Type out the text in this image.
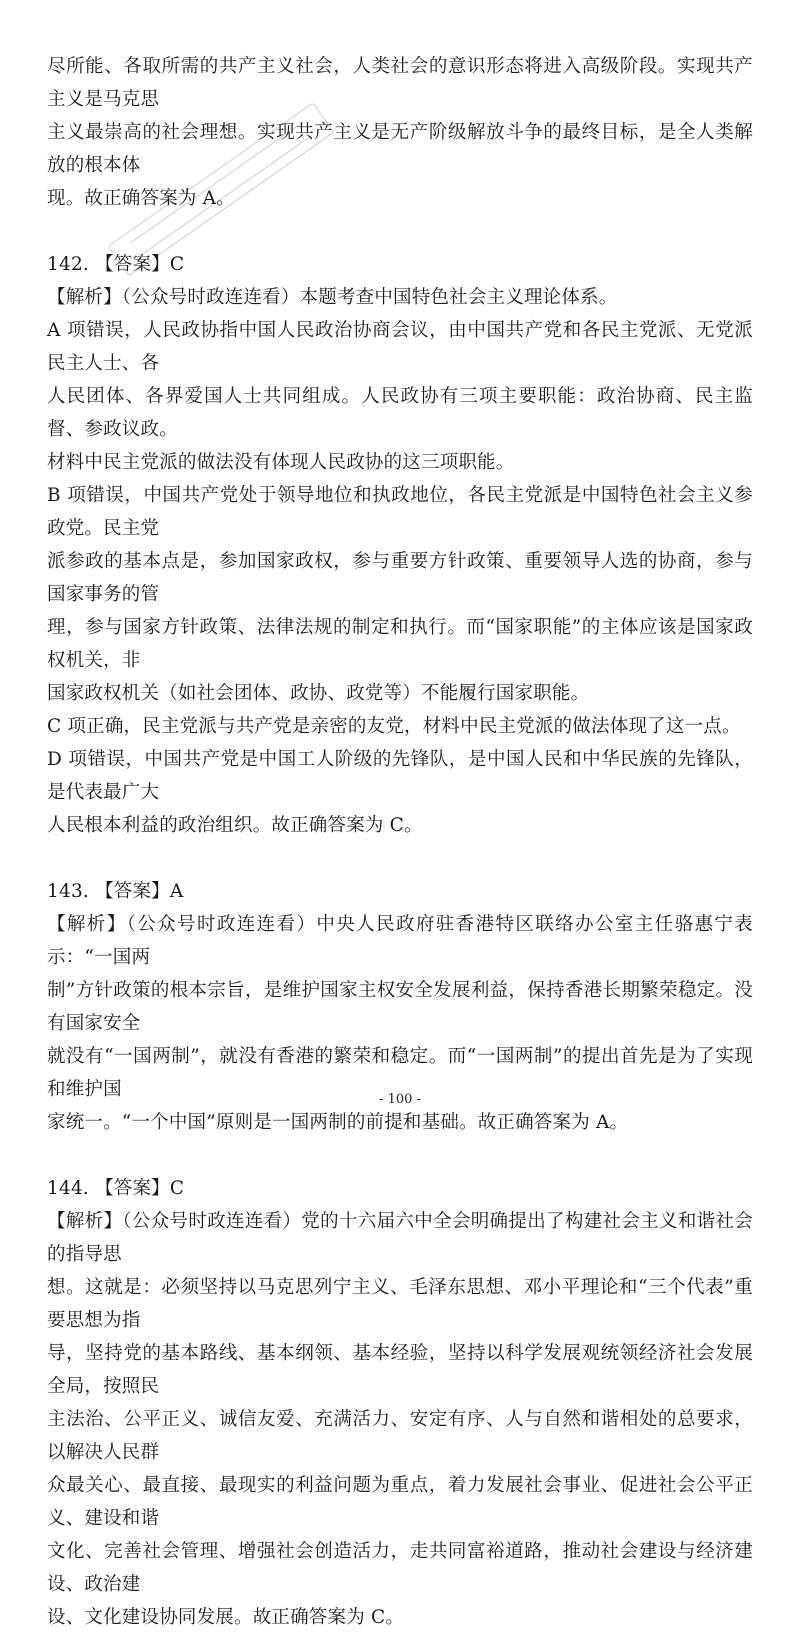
尽所能、各取所需的共产主义社会，人类社会的意识形态将进入高级阶段。实现共产主义是马克思

主义最崇高的社会理想。实现共产主义是无产阶级解放斗争的最终目标，是全人类解放的根本体

现。故正确答案为 A。

142. 【答案】C

【解析】（公众号时政连连看）本题考查中国特色社会主义理论体系。

A 项错误，人民政协指中国人民政治协商会议，由中国共产党和各民主党派、无党派民主人士、各

人民团体、各界爱国人士共同组成。人民政协有三项主要职能：政治协商、民主监督、参政议政。

材料中民主党派的做法没有体现人民政协的这三项职能。

B 项错误，中国共产党处于领导地位和执政地位，各民主党派是中国特色社会主义参政党。民主党

派参政的基本点是，参加国家政权，参与重要方针政策、重要领导人选的协商，参与国家事务的管

理，参与国家方针政策、法律法规的制定和执行。而“国家职能”的主体应该是国家政权机关，非

国家政权机关（如社会团体、政协、政党等）不能履行国家职能。

C 项正确，民主党派与共产党是亲密的友党，材料中民主党派的做法体现了这一点。

D 项错误，中国共产党是中国工人阶级的先锋队，是中国人民和中华民族的先锋队，是代表最广大

人民根本利益的政治组织。故正确答案为 C。

143. 【答案】A

【解析】（公众号时政连连看）中央人民政府驻香港特区联络办公室主任骆惠宁表示：“一国两

制”方针政策的根本宗旨，是维护国家主权安全发展利益，保持香港长期繁荣稳定。没有国家安全

就没有“一国两制”，就没有香港的繁荣和稳定。而“一国两制”的提出首先是为了实现和维护国

家统一。“一个中国”原则是一国两制的前提和基础。故正确答案为 A。

144. 【答案】C

【解析】（公众号时政连连看）党的十六届六中全会明确提出了构建社会主义和谐社会的指导思

想。这就是：必须坚持以马克思列宁主义、毛泽东思想、邓小平理论和“三个代表”重要思想为指

导，坚持党的基本路线、基本纲领、基本经验，坚持以科学发展观统领经济社会发展全局，按照民

主法治、公平正义、诚信友爱、充满活力、安定有序、人与自然和谐相处的总要求，以解决人民群

众最关心、最直接、最现实的利益问题为重点，着力发展社会事业、促进社会公平正义、建设和谐

文化、完善社会管理、增强社会创造活力，走共同富裕道路，推动社会建设与经济建设、政治建

设、文化建设协同发展。故正确答案为 C。

- 100 -
